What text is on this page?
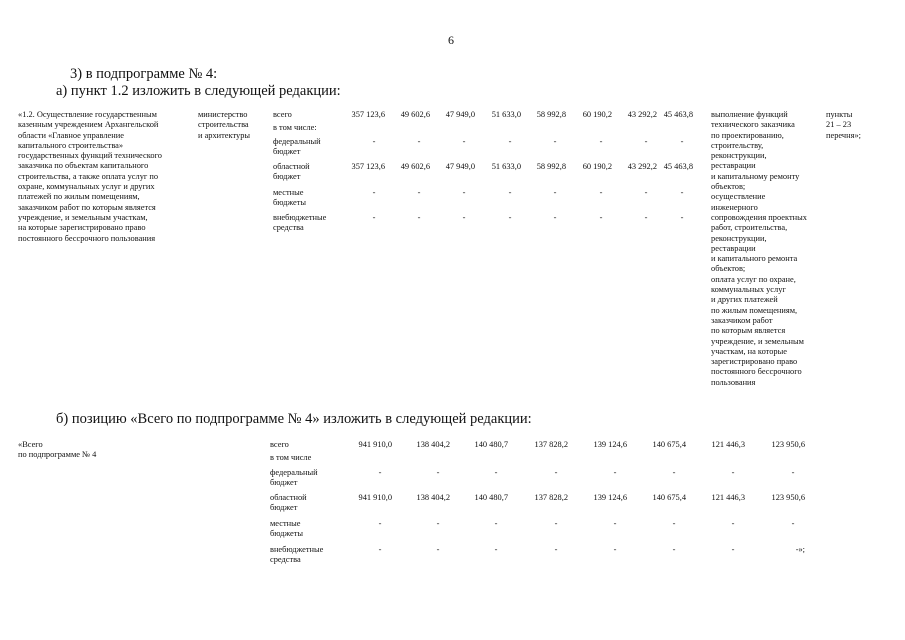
6
3) в подпрограмме № 4:
а) пункт 1.2 изложить в следующей редакции:
«1.2. Осуществление государственным
казенным учреждением Архангельской
области «Главное управление
капитального строительства»
государственных функций технического
заказчика по объектам капитального
строительства, а также оплата услуг по
охране, коммунальных услуг и других
платежей по жилым помещениям,
заказчиком работ по которым является
учреждение, и земельным участкам,
на которые зарегистрировано право
постоянного бессрочного пользования
министерство
строительства
и архитектуры
всего	357 123,6	49 602,6	47 949,0	51 633,0	58 992,8	60 190,2	43 292,2 45 463,8
в том числе:
федеральный
бюджет
-	-	-	-	-	-	-	-
областной
бюджет
357 123,6	49 602,6	47 949,0	51 633,0	58 992,8	60 190,2	43 292,2 45 463,8
местные
бюджеты
-	-	-	-	-	-	-	-
внебюджетные
средства
-	-	-	-	-	-	-	-
выполнение функций
технического заказчика
по проектированию,
строительству,
реконструкции,
реставрации
и капитальному ремонту
объектов;
осуществление
инженерного
сопровождения проектных
работ, строительства,
реконструкции,
реставрации
и капитального ремонта
объектов;
оплата услуг по охране,
коммунальных услуг
и других платежей
по жилым помещениям,
заказчиком работ
по которым является
учреждение, и земельным
участкам, на которые
зарегистрировано право
постоянного бессрочного
пользования
пункты
21 – 23
перечня»;
б) позицию «Всего по подпрограмме № 4» изложить в следующей редакции:
«Всего
по подпрограмме № 4
всего	941 910,0	138 404,2	140 480,7	137 828,2	139 124,6	140 675,4	121 446,3	123 950,6
в том числе
федеральный
бюджет
-	-	-	-	-	-	-	-
областной
бюджет
941 910,0	138 404,2	140 480,7	137 828,2	139 124,6	140 675,4	121 446,3	123 950,6
местные
бюджеты
-	-	-	-	-	-	-	-
внебюджетные
средства
-	-	-	-	-	-	-	-»;
